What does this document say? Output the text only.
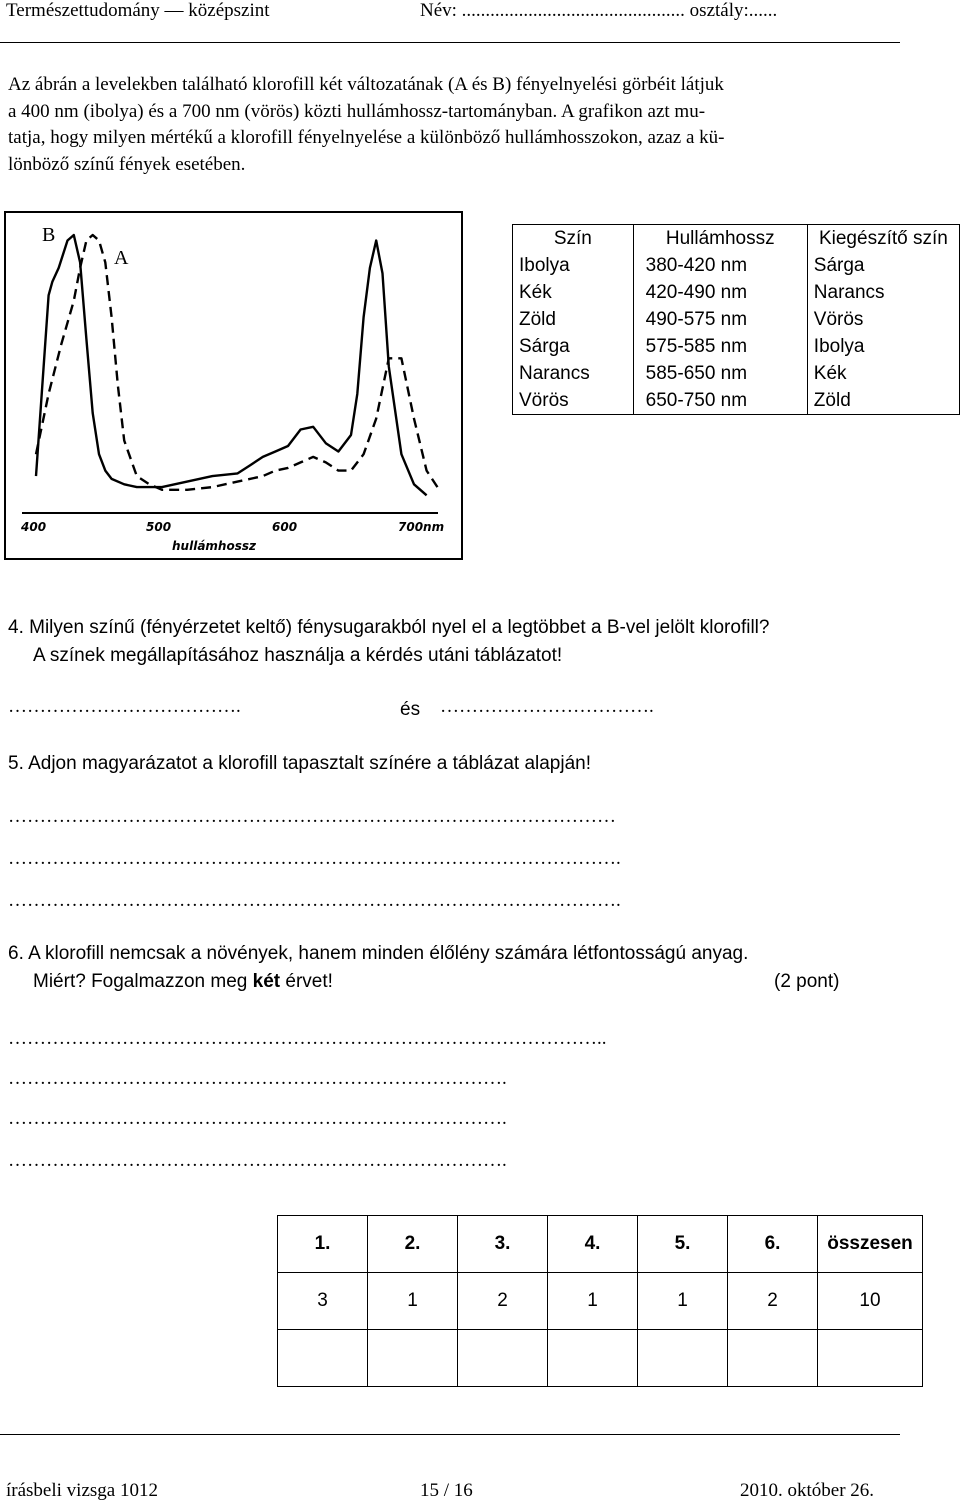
Természettudomány — középszint	Név: ............................................... osztály:......
Az ábrán a levelekben található klorofill két változatának (A és B) fényelnyelési görbéit látjuk
a 400 nm (ibolya) és a 700 nm (vörös) közti hullámhossz-tartományban. A grafikon azt mu-
tatja, hogy milyen mértékű a klorofill fényelnyelése a különböző hullámhosszokon, azaz a kü-
lönböző színű fények esetében.
B
A
400	500	600	700nm
hullámhossz
Szín	Hullámhossz	Kiegészítő szín
Ibolya	380-420 nm	Sárga
Kék	420-490 nm	Narancs
Zöld	490-575 nm	Vörös
Sárga	575-585 nm	Ibolya
Narancs	585-650 nm	Kék
Vörös	650-750 nm	Zöld
4. Milyen színű (fényérzetet keltő) fénysugarakból nyel el a legtöbbet a B-vel jelölt klorofill?
A színek megállapításához használja a kérdés utáni táblázatot!
……………………………….	és …………………………….
5. Adjon magyarázatot a klorofill tapasztalt színére a táblázat alapján!
……………………………………………………………………………………
…………………………………………………………………………………….
…………………………………………………………………………………….
6. A klorofill nemcsak a növények, hanem minden élőlény számára létfontosságú anyag.
Miért? Fogalmazzon meg két érvet!	(2 pont)
…………………………………………………………………………………..
…………………………………………………………………….
…………………………………………………………………….
…………………………………………………………………….
1.	2.	3.	4.	5.	6.	összesen
3	1	2	1	1	2	10

írásbeli vizsga 1012	15 / 16	2010. október 26.
